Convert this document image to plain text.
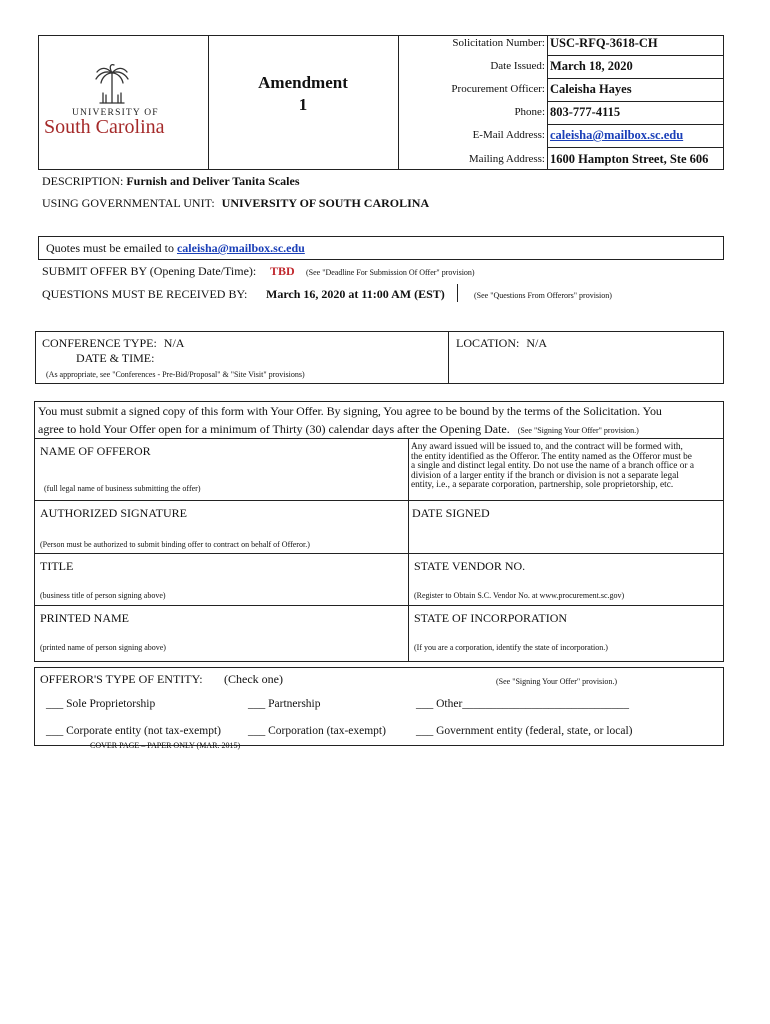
UNIVERSITY OF
South Carolina
Amendment
1
Solicitation Number: USC-RFQ-3618-CH
Date Issued: March 18, 2020
Procurement Officer: Caleisha Hayes
Phone: 803-777-4115
E-Mail Address: caleisha@mailbox.sc.edu
Mailing Address: 1600 Hampton Street, Ste 606
DESCRIPTION: Furnish and Deliver Tanita Scales
USING GOVERNMENTAL UNIT: UNIVERSITY OF SOUTH CAROLINA
Quotes must be emailed to caleisha@mailbox.sc.edu
SUBMIT OFFER BY (Opening Date/Time): TBD (See "Deadline For Submission Of Offer" provision)
QUESTIONS MUST BE RECEIVED BY: March 16, 2020 at 11:00 AM (EST)	(See "Questions From Offerors" provision)
CONFERENCE TYPE: N/A
DATE & TIME:
(As appropriate, see "Conferences - Pre-Bid/Proposal" & "Site Visit" provisions)
LOCATION: N/A
You must submit a signed copy of this form with Your Offer. By signing, You agree to be bound by the terms of the Solicitation. You
agree to hold Your Offer open for a minimum of Thirty (30) calendar days after the Opening Date. (See "Signing Your Offer" provision.)
NAME OF OFFEROR
(full legal name of business submitting the offer)
Any award issued will be issued to, and the contract will be formed with,
the entity identified as the Offeror. The entity named as the Offeror must be
a single and distinct legal entity. Do not use the name of a branch office or a
division of a larger entity if the branch or division is not a separate legal
entity, i.e., a separate corporation, partnership, sole proprietorship, etc.
AUTHORIZED SIGNATURE
(Person must be authorized to submit binding offer to contract on behalf of Offeror.)
DATE SIGNED
TITLE
(business title of person signing above)
STATE VENDOR NO.
(Register to Obtain S.C. Vendor No. at www.procurement.sc.gov)
PRINTED NAME
(printed name of person signing above)
STATE OF INCORPORATION
(If you are a corporation, identify the state of incorporation.)
OFFEROR'S TYPE OF ENTITY: (Check one)	(See "Signing Your Offer" provision.)
___ Sole Proprietorship	___ Partnership	___ Other_____________________________
___ Corporate entity (not tax-exempt) ___ Corporation (tax-exempt)	___ Government entity (federal, state, or local)
COVER PAGE – PAPER ONLY (MAR. 2015)
